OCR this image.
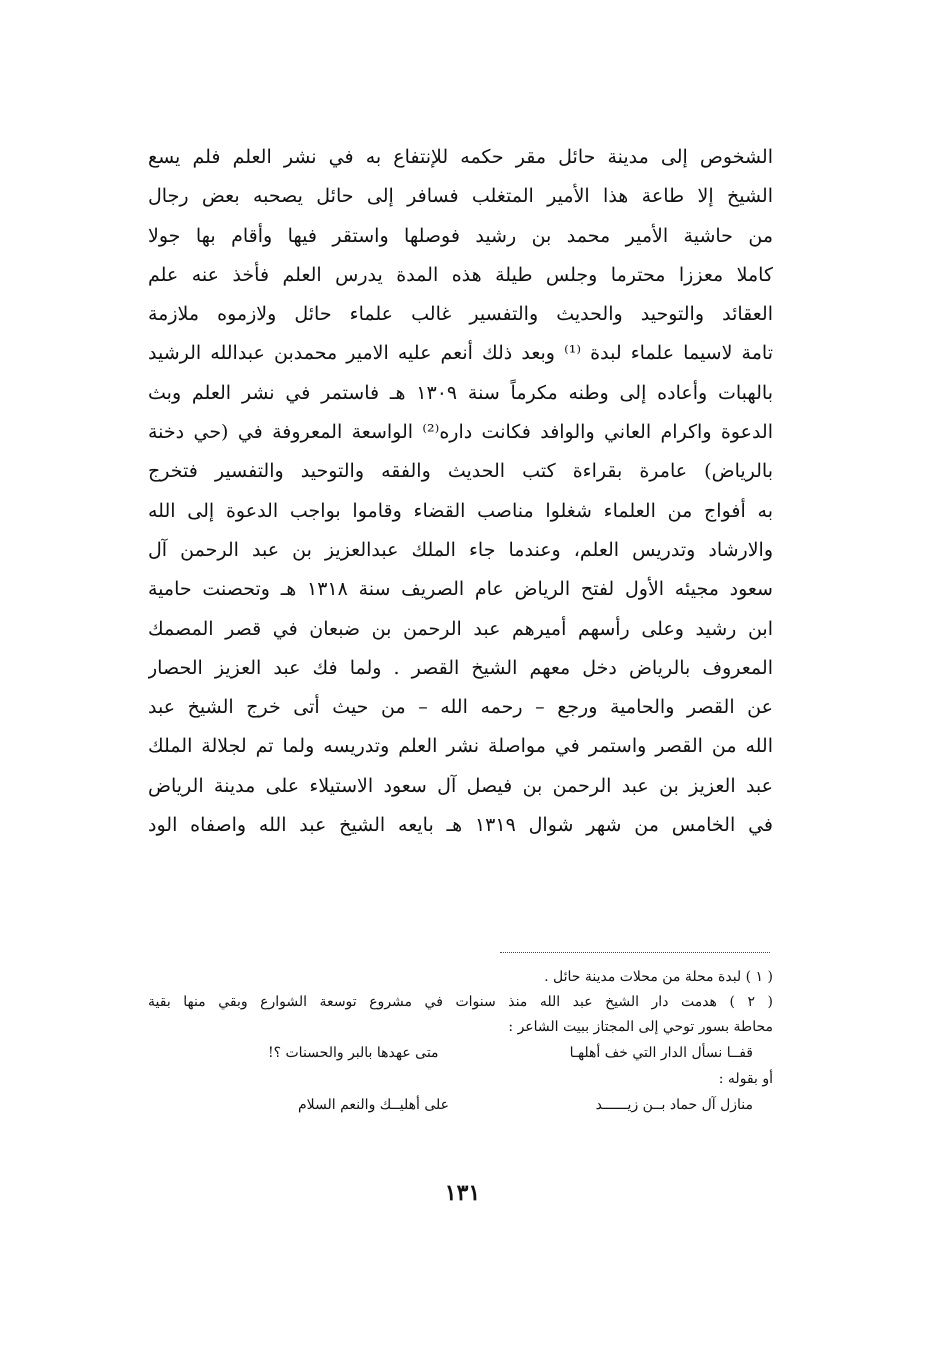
الشخوص إلى مدينة حائل مقر حكمه للإنتفاع به في نشر العلم فلم يسع
الشيخ إلا طاعة هذا الأمير المتغلب فسافر إلى حائل يصحبه بعض رجال
من حاشية الأمير محمد بن رشيد فوصلها واستقر فيها وأقام بها جولا
كاملا معززا محترما وجلس طيلة هذه المدة يدرس العلم فأخذ عنه علم
العقائد والتوحيد والحديث والتفسير غالب علماء حائل ولازموه ملازمة
تامة لاسيما علماء لبدة ⁽¹⁾ وبعد ذلك أنعم عليه الامير محمدبن عبدالله الرشيد
بالهبات وأعاده إلى وطنه مكرماً سنة ١٣٠٩ هـ فاستمر في نشر العلم وبث
الدعوة واكرام العاني والوافد فكانت داره⁽²⁾ الواسعة المعروفة في (حي دخنة
بالرياض) عامرة بقراءة كتب الحديث والفقه والتوحيد والتفسير فتخرج
به أفواج من العلماء شغلوا مناصب القضاء وقاموا بواجب الدعوة إلى الله
والارشاد وتدريس العلم، وعندما جاء الملك عبدالعزيز بن عبد الرحمن آل
سعود مجيئه الأول لفتح الرياض عام الصريف سنة ١٣١٨ هـ وتحصنت حامية
ابن رشيد وعلى رأسهم أميرهم عبد الرحمن بن ضبعان في قصر المصمك
المعروف بالرياض دخل معهم الشيخ القصر . ولما فك عبد العزيز الحصار
عن القصر والحامية ورجع – رحمه الله – من حيث أتى خرج الشيخ عبد
الله من القصر واستمر في مواصلة نشر العلم وتدريسه ولما تم لجلالة الملك
عبد العزيز بن عبد الرحمن بن فيصل آل سعود الاستيلاء على مدينة الرياض
في الخامس من شهر شوال ١٣١٩ هـ بايعه الشيخ عبد الله واصفاه الود
( ١ ) لبدة محلة من محلات مدينة حائل .
( ٢ ) هدمت دار الشيخ عبد الله منذ سنوات في مشروع توسعة الشوارع وبقي منها بقية
محاطة بسور توحي إلى المجتاز ببيت الشاعر :
قفــا نسأل الدار التي خف أهلهـا
متى عهدها بالبر والحسنات ؟!
أو بقوله :
منازل آل حماد بــن زيــــــد
على أهليــك والنعم السلام
١٣١
